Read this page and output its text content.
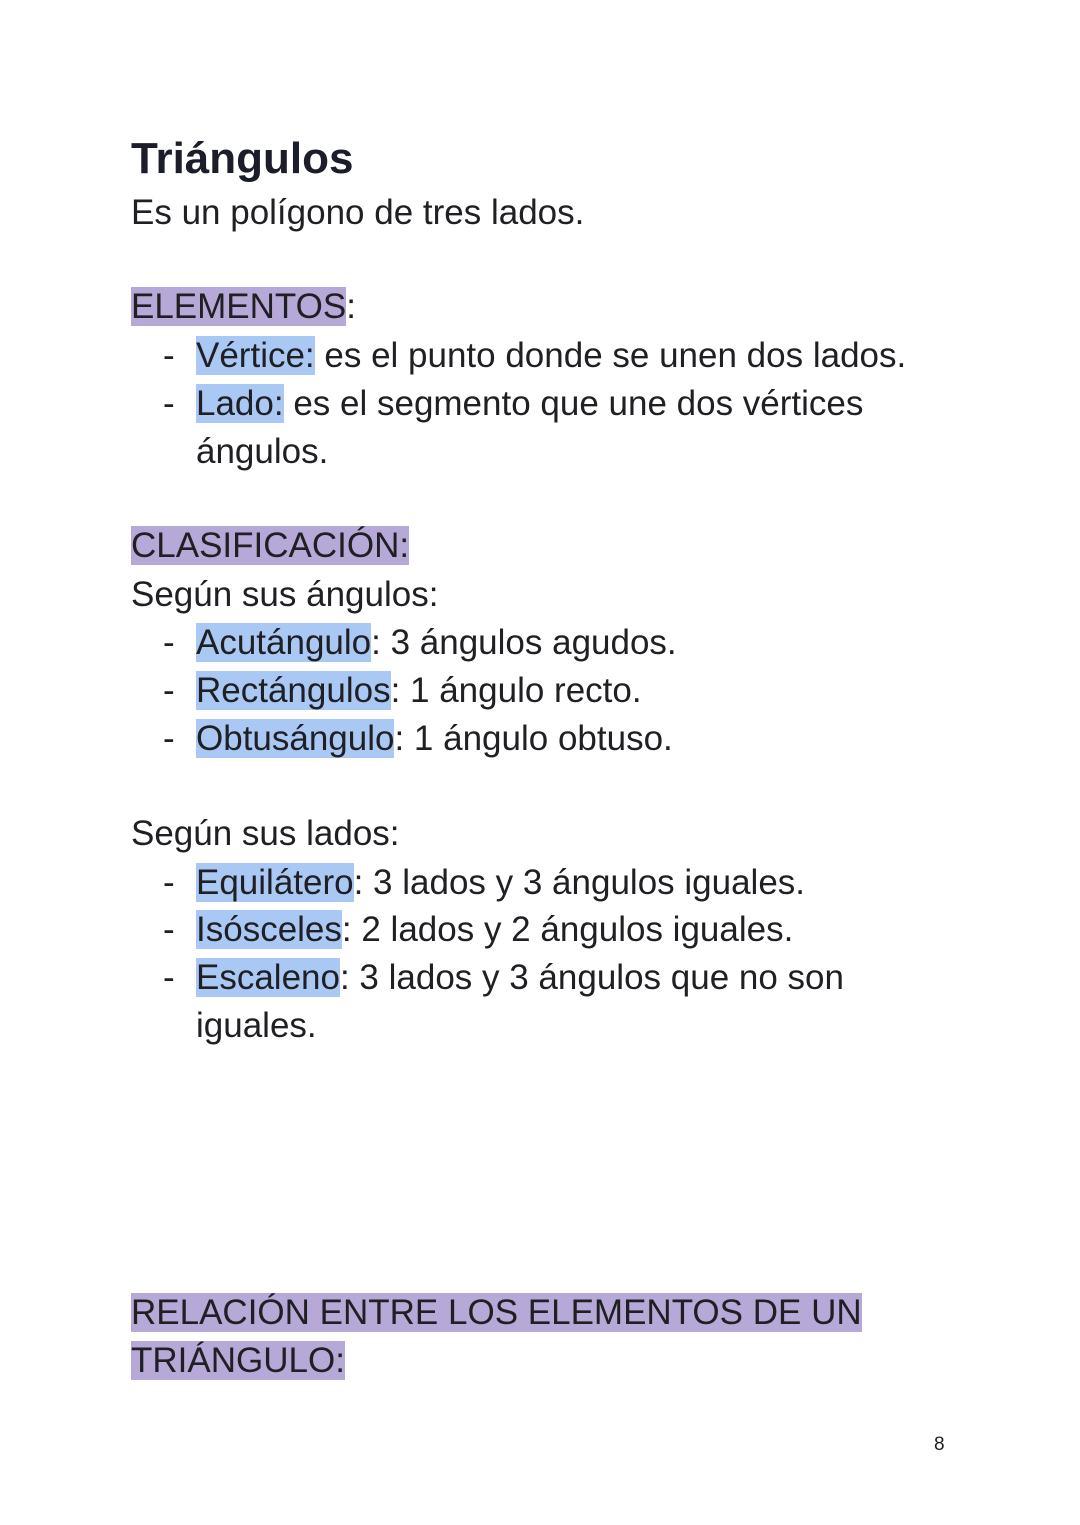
Triángulos

Es un polígono de tres lados.

ELEMENTOS:

- Vértice: es el punto donde se unen dos lados.
- Lado: es el segmento que une dos vértices
ángulos.

CLASIFICACIÓN:

Según sus ángulos:

- Acutángulo: 3 ángulos agudos.
- Rectángulos: 1 ángulo recto.
- Obtusángulo: 1 ángulo obtuso.

Según sus lados:

- Equilátero: 3 lados y 3 ángulos iguales.
- Isósceles: 2 lados y 2 ángulos iguales.
- Escaleno: 3 lados y 3 ángulos que no son
iguales.

RELACIÓN ENTRE LOS ELEMENTOS DE UN

TRIÁNGULO:

8
